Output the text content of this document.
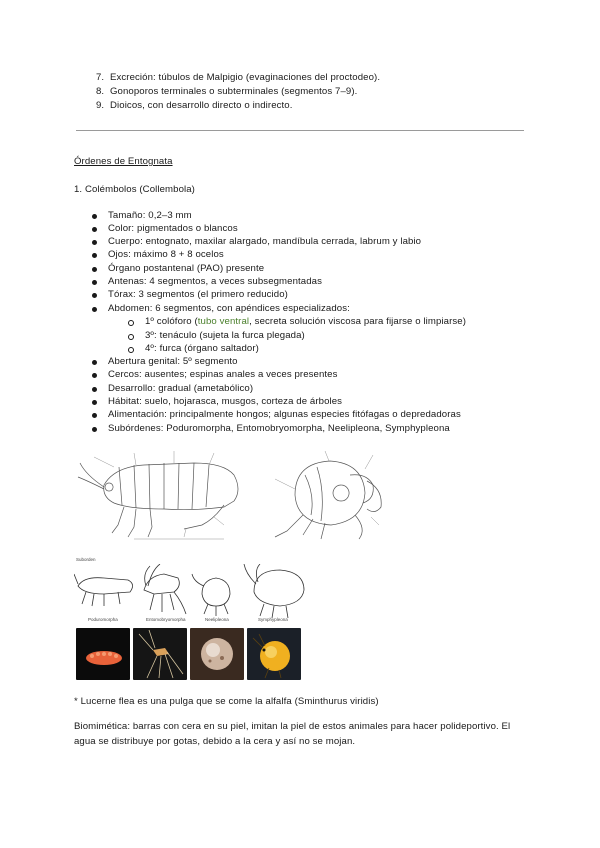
7. Excreción: túbulos de Malpigio (evaginaciones del proctodeo).
8. Gonoporos terminales o subterminales (segmentos 7–9).
9. Dioicos, con desarrollo directo o indirecto.
Órdenes de Entognata
1. Colémbolos (Collembola)
Tamaño: 0,2–3 mm
Color: pigmentados o blancos
Cuerpo: entognato, maxilar alargado, mandíbula cerrada, labrum y labio
Ojos: máximo 8 + 8 ocelos
Órgano postantenal (PAO) presente
Antenas: 4 segmentos, a veces subsegmentadas
Tórax: 3 segmentos (el primero reducido)
Abdomen: 6 segmentos, con apéndices especializados:
1º colóforo (tubo ventral, secreta solución viscosa para fijarse o limpiarse)
3º: tenáculo (sujeta la furca plegada)
4º: furca (órgano saltador)
Abertura genital: 5º segmento
Cercos: ausentes; espinas anales a veces presentes
Desarrollo: gradual (ametabólico)
Hábitat: suelo, hojarasca, musgos, corteza de árboles
Alimentación: principalmente hongos; algunas especies fitófagas o depredadoras
Subórdenes: Poduromorpha, Entomobryomorpha, Neelipleona, Symphypleona
Suborden
Poduromorpha	Entomobryomorpha	Neelipleona	Symphypleona
* Lucerne flea es una pulga que se come la alfalfa (Sminthurus viridis)

Biomimética: barras con cera en su piel, imitan la piel de estos animales para hacer polideportivo. El agua se distribuye por gotas, debido a la cera y así no se mojan.
